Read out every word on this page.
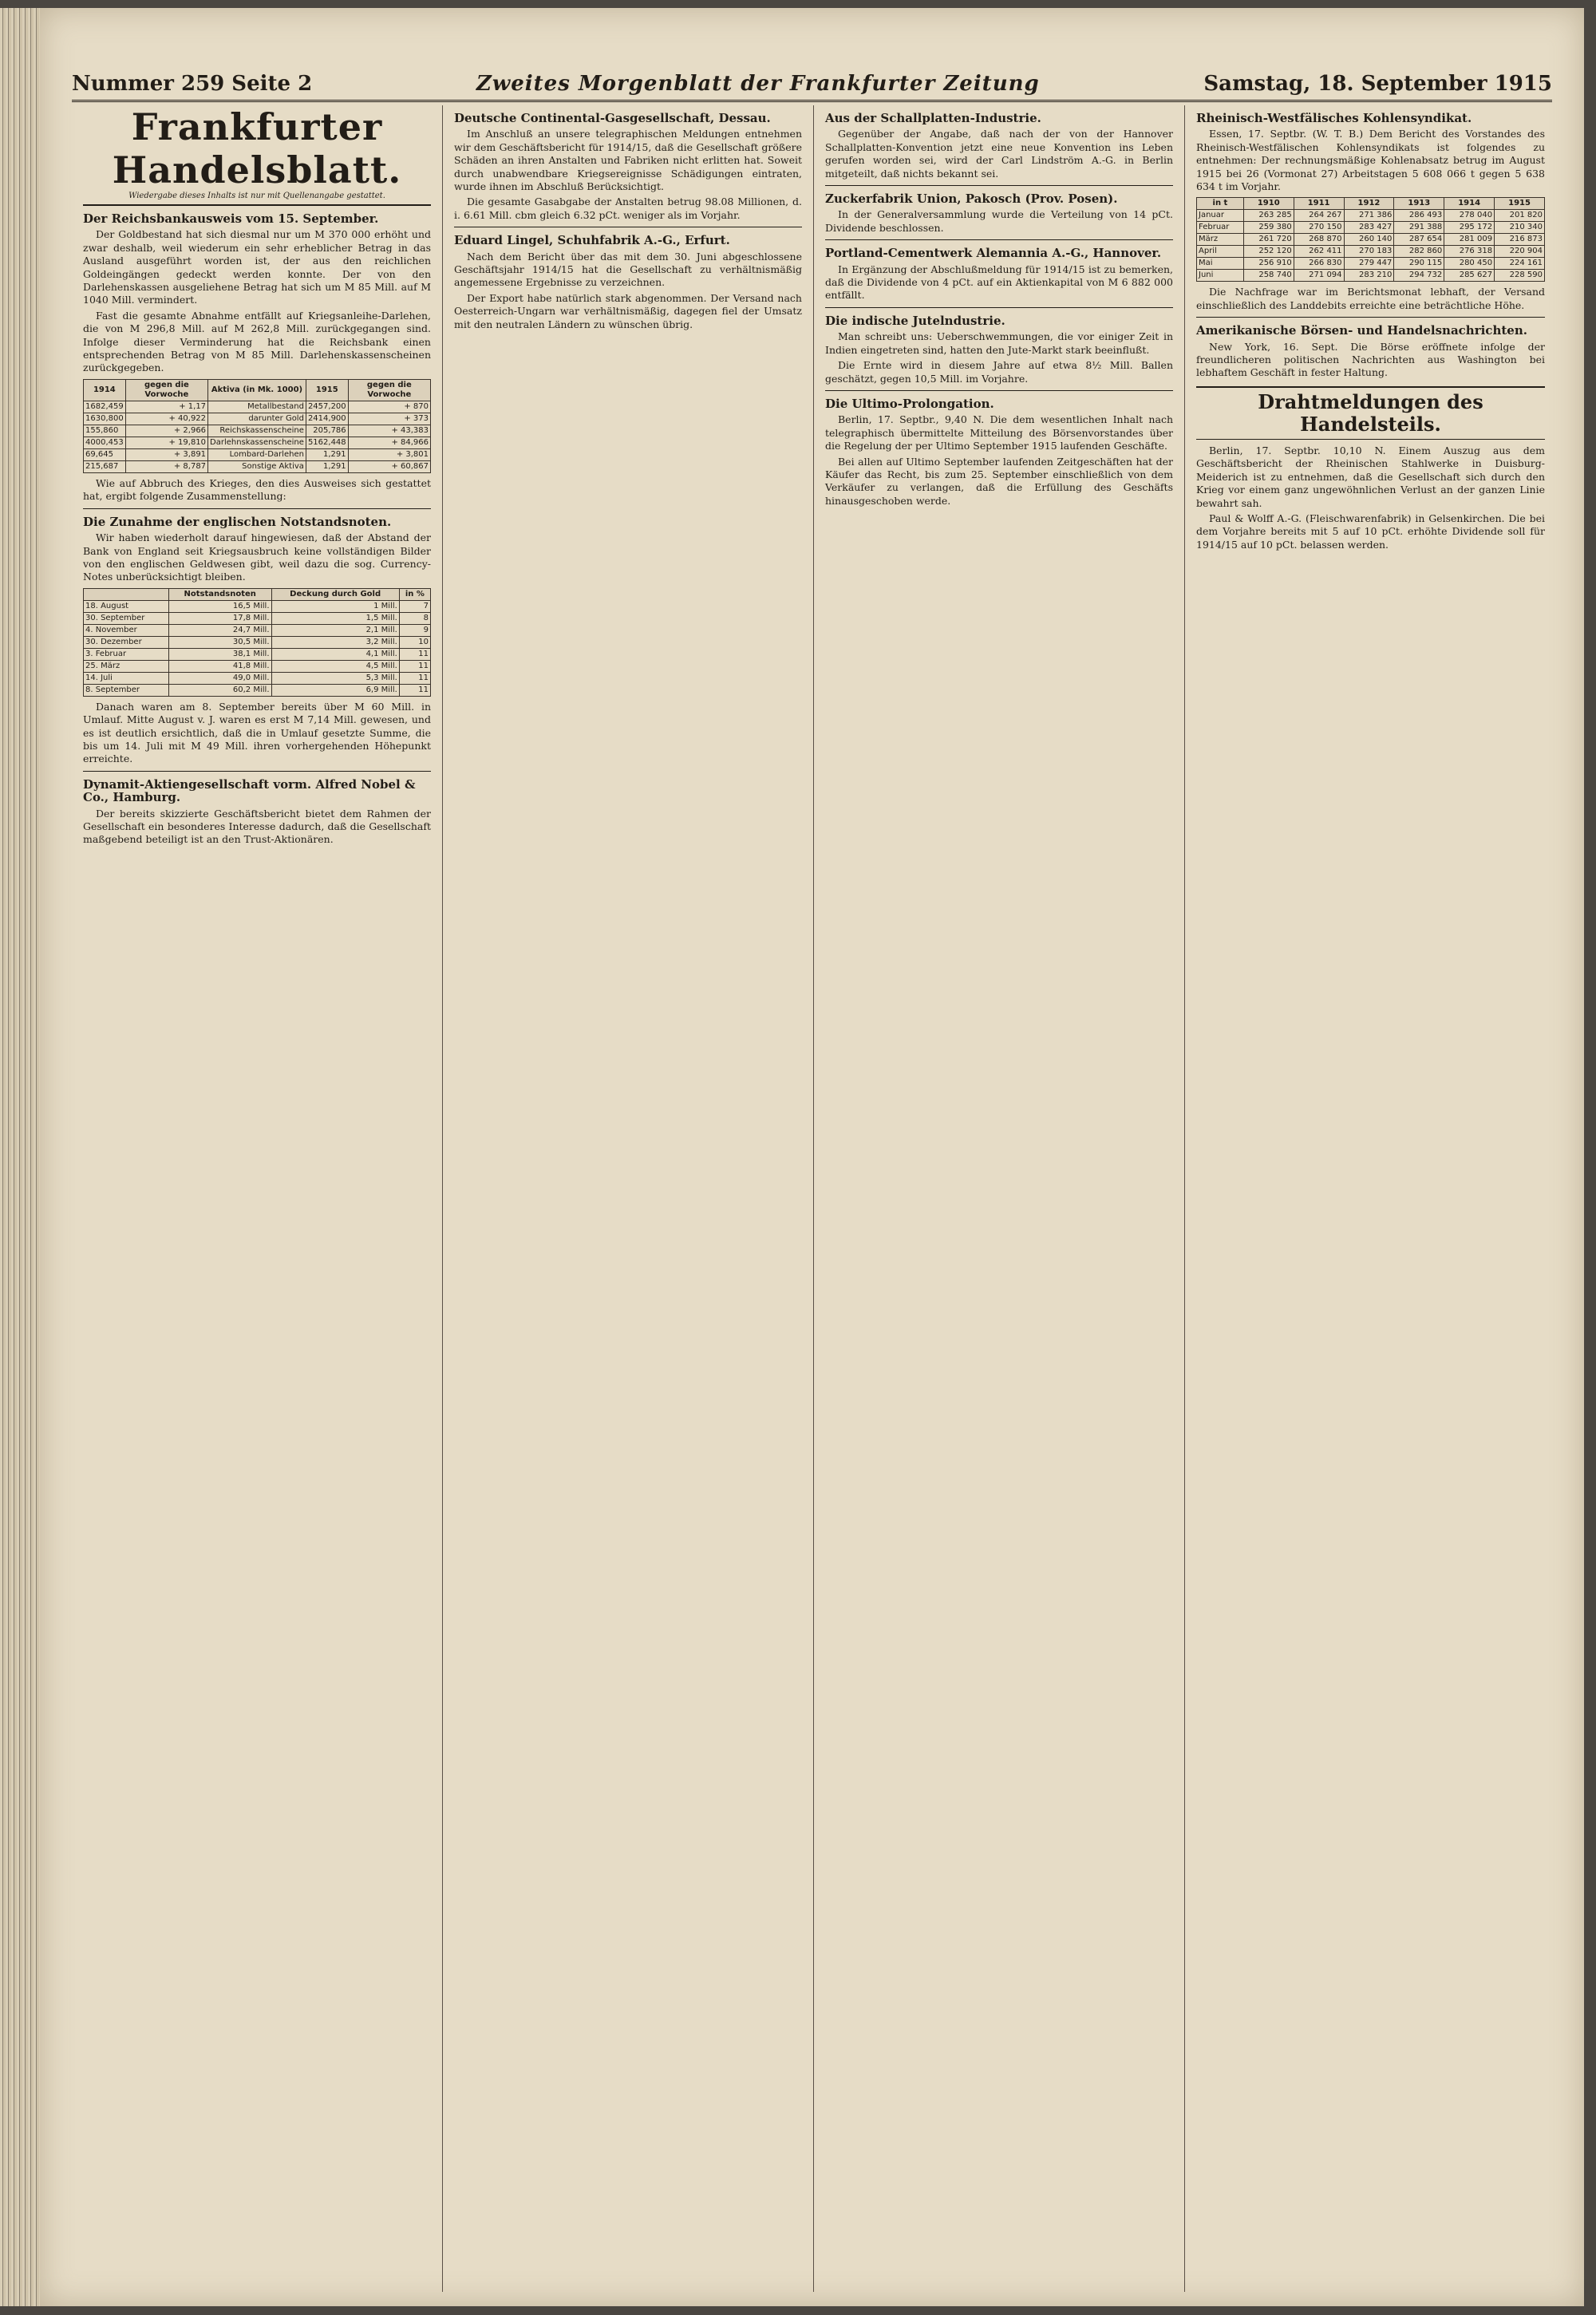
Nummer 259 Seite 2	Zweites Morgenblatt der Frankfurter Zeitung	Samstag, 18. September 1915
Frankfurter Handelsblatt.
Wiedergabe dieses Inhalts ist nur mit Quellenangabe gestattet.
Der Reichsbankausweis vom 15. September.

Der Goldbestand hat sich diesmal nur um M 370 000 erhöht und zwar deshalb, weil wiederum ein sehr erheblicher Betrag in das Ausland ausgeführt worden ist, der aus den reichlichen Goldeingängen gedeckt werden konnte. Der von den Darlehenskassen ausgeliehene Betrag hat sich um M 85 Mill. auf M 1040 Mill. vermindert.

Fast die gesamte Abnahme entfällt auf Kriegsanleihe-Darlehen, die von M 296,8 Mill. auf M 262,8 Mill. zurückgegangen sind. Infolge dieser Verminderung hat die Reichsbank einen entsprechenden Betrag von M 85 Mill. Darlehenskassenscheinen zurückgegeben.

1914	gegen die Vorwoche	Aktiva (in Mk. 1000)	1915	gegen die Vorwoche
1682,459	+ 1,17	Metallbestand	2457,200	+ 870
1630,800	+ 40,922	darunter Gold	2414,900	+ 373
155,860	+ 2,966	Reichskassenscheine	205,786	+ 43,383
4000,453	+ 19,810	Darlehnskassenscheine	5162,448	+ 84,966
69,645	+ 3,891	Lombard-Darlehen	1,291	+ 3,801
215,687	+ 8,787	Sonstige Aktiva	1,291	+ 60,867

Wie auf Abbruch des Krieges, den dies Ausweises sich gestattet hat, ergibt folgende Zusammenstellung:

Die Zunahme der englischen Notstandsnoten.

Wir haben wiederholt darauf hingewiesen, daß der Abstand der Bank von England seit Kriegsausbruch keine vollständigen Bilder von den englischen Geldwesen gibt, weil dazu die sog. Currency-Notes unberücksichtigt bleiben.

	Notstandsnoten	Deckung durch Gold	in %
18. August	16,5 Mill.	1 Mill.	7
30. September	17,8 Mill.	1,5 Mill.	8
4. November	24,7 Mill.	2,1 Mill.	9
30. Dezember	30,5 Mill.	3,2 Mill.	10
3. Februar	38,1 Mill.	4,1 Mill.	11
25. März	41,8 Mill.	4,5 Mill.	11
14. Juli	49,0 Mill.	5,3 Mill.	11
8. September	60,2 Mill.	6,9 Mill.	11

Danach waren am 8. September bereits über M 60 Mill. in Umlauf. Mitte August v. J. waren es erst M 7,14 Mill. gewesen, und es ist deutlich ersichtlich, daß die in Umlauf gesetzte Summe, die bis um 14. Juli mit M 49 Mill. ihren vorhergehenden Höhepunkt erreichte.

Dynamit-Aktiengesellschaft vorm. Alfred Nobel & Co., Hamburg.

Der bereits skizzierte Geschäftsbericht bietet dem Rahmen der Gesellschaft ein besonderes Interesse dadurch, daß die Gesellschaft maßgebend beteiligt ist an den Trust-Aktionären.

Deutsche Continental-Gasgesellschaft, Dessau.

Im Anschluß an unsere telegraphischen Meldungen entnehmen wir dem Geschäftsbericht für 1914/15, daß die Gesellschaft größere Schäden an ihren Anstalten und Fabriken nicht erlitten hat. Soweit durch unabwendbare Kriegsereignisse Schädigungen eintraten, wurde ihnen im Abschluß Berücksichtigt.

Die gesamte Gasabgabe der Anstalten betrug 98.08 Millionen, d. i. 6.61 Mill. cbm gleich 6.32 pCt. weniger als im Vorjahr.

Eduard Lingel, Schuhfabrik A.-G., Erfurt.

Nach dem Bericht über das mit dem 30. Juni abgeschlossene Geschäftsjahr 1914/15 hat die Gesellschaft zu verhältnismäßig angemessene Ergebnisse zu verzeichnen.

Der Export habe natürlich stark abgenommen. Der Versand nach Oesterreich-Ungarn war verhältnismäßig, dagegen fiel der Umsatz mit den neutralen Ländern zu wünschen übrig.

Aus der Schallplatten-Industrie.

Gegenüber der Angabe, daß nach der von der Hannover Schallplatten-Konvention jetzt eine neue Konvention ins Leben gerufen worden sei, wird der Carl Lindström A.-G. in Berlin mitgeteilt, daß nichts bekannt sei.

Zuckerfabrik Union, Pakosch (Prov. Posen).

In der Generalversammlung wurde die Verteilung von 14 pCt. Dividende beschlossen.

Portland-Cementwerk Alemannia A.-G., Hannover.

In Ergänzung der Abschlußmeldung für 1914/15 ist zu bemerken, daß die Dividende von 4 pCt. auf ein Aktienkapital von M 6 882 000 entfällt.

Die indische Jutelndustrie.

Man schreibt uns: Ueberschwemmungen, die vor einiger Zeit in Indien eingetreten sind, hatten den Jute-Markt stark beeinflußt.

Die Ernte wird in diesem Jahre auf etwa 8½ Mill. Ballen geschätzt, gegen 10,5 Mill. im Vorjahre.

Die Ultimo-Prolongation.

Berlin, 17. Septbr., 9,40 N. Die dem wesentlichen Inhalt nach telegraphisch übermittelte Mitteilung des Börsenvorstandes über die Regelung der per Ultimo September 1915 laufenden Geschäfte.

Bei allen auf Ultimo September laufenden Zeitgeschäften hat der Käufer das Recht, bis zum 25. September einschließlich von dem Verkäufer zu verlangen, daß die Erfüllung des Geschäfts hinausgeschoben werde.

Rheinisch-Westfälisches Kohlensyndikat.

Essen, 17. Septbr. (W. T. B.) Dem Bericht des Vorstandes des Rheinisch-Westfälischen Kohlensyndikats ist folgendes zu entnehmen: Der rechnungsmäßige Kohlenabsatz betrug im August 1915 bei 26 (Vormonat 27) Arbeitstagen 5 608 066 t gegen 5 638 634 t im Vorjahr.

in t	1910	1911	1912	1913	1914	1915
Januar	263 285	264 267	271 386	286 493	278 040	201 820
Februar	259 380	270 150	283 427	291 388	295 172	210 340
März	261 720	268 870	260 140	287 654	281 009	216 873
April	252 120	262 411	270 183	282 860	276 318	220 904
Mai	256 910	266 830	279 447	290 115	280 450	224 161
Juni	258 740	271 094	283 210	294 732	285 627	228 590

Die Nachfrage war im Berichtsmonat lebhaft, der Versand einschließlich des Landdebits erreichte eine beträchtliche Höhe.

Amerikanische Börsen- und Handelsnachrichten.

New York, 16. Sept. Die Börse eröffnete infolge der freundlicheren politischen Nachrichten aus Washington bei lebhaftem Geschäft in fester Haltung.

Drahtmeldungen des Handelsteils.

Berlin, 17. Septbr. 10,10 N. Einem Auszug aus dem Geschäftsbericht der Rheinischen Stahlwerke in Duisburg-Meiderich ist zu entnehmen, daß die Gesellschaft sich durch den Krieg vor einem ganz ungewöhnlichen Verlust an der ganzen Linie bewahrt sah.

Paul & Wolff A.-G. (Fleischwarenfabrik) in Gelsenkirchen. Die bei dem Vorjahre bereits mit 5 auf 10 pCt. erhöhte Dividende soll für 1914/15 auf 10 pCt. belassen werden.
